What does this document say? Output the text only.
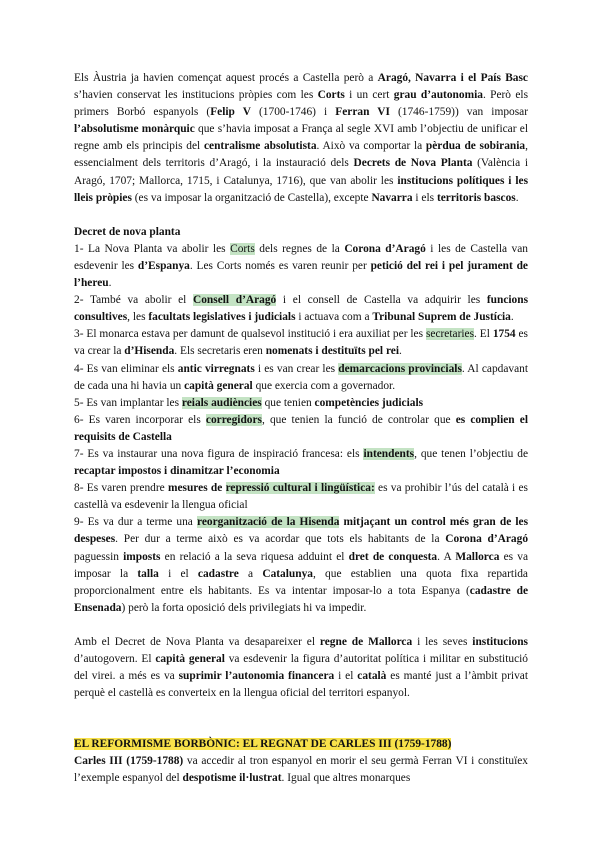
Els Àustria ja havien començat aquest procés a Castella però a Aragó, Navarra i el País Basc s’havien conservat les institucions pròpies com les Corts i un cert grau d’autonomia. Però els primers Borbó espanyols (Felip V (1700-1746) i Ferran VI (1746-1759)) van imposar l’absolutisme monàrquic que s’havia imposat a França al segle XVI amb l’objectiu de unificar el regne amb els principis del centralisme absolutista. Això va comportar la pèrdua de sobirania, essencialment dels territoris d’Aragó, i la instauració dels Decrets de Nova Planta (València i Aragó, 1707; Mallorca, 1715, i Catalunya, 1716), que van abolir les institucions polítiques i les lleis pròpies (es va imposar la organització de Castella), excepte Navarra i els territoris bascos.

Decret de nova planta

1- La Nova Planta va abolir les Corts dels regnes de la Corona d’Aragó i les de Castella van esdevenir les d’Espanya. Les Corts només es varen reunir per petició del rei i pel jurament de l’hereu.

2- També va abolir el Consell d’Aragó i el consell de Castella va adquirir les funcions consultives, les facultats legislatives i judicials i actuava com a Tribunal Suprem de Justícia.

3- El monarca estava per damunt de qualsevol institució i era auxiliat per les secretaries. El 1754 es va crear la d’Hisenda. Els secretaris eren nomenats i destituïts pel rei.

4- Es van eliminar els antic virregnats i es van crear les demarcacions provincials. Al capdavant de cada una hi havia un capità general que exercia com a governador.

5- Es van implantar les reials audiències que tenien competències judicials

6- Es varen incorporar els corregidors, que tenien la funció de controlar que es complien el requisits de Castella

7- Es va instaurar una nova figura de inspiració francesa: els intendents, que tenen l’objectiu de recaptar impostos i dinamitzar l’economia

8- Es varen prendre mesures de repressió cultural i lingüística: es va prohibir l’ús del català i es castellà va esdevenir la llengua oficial

9- Es va dur a terme una reorganització de la Hisenda mitjaçant un control més gran de les despeses. Per dur a terme això es va acordar que tots els habitants de la Corona d’Aragó paguessin imposts en relació a la seva riquesa adduint el dret de conquesta. A Mallorca es va imposar la talla i el cadastre a Catalunya, que establien una quota fixa repartida proporcionalment entre els habitants. Es va intentar imposar-lo a tota Espanya (cadastre de Ensenada) però la forta oposició dels privilegiats hi va impedir.

Amb el Decret de Nova Planta va desapareixer el regne de Mallorca i les seves institucions d’autogovern. El capità general va esdevenir la figura d’autoritat política i militar en substitució del virei. a més es va suprimir l’autonomia financera i el català es manté just a l’àmbit privat perquè el castellà es converteix en la llengua oficial del territori espanyol.

EL REFORMISME BORBÒNIC: EL REGNAT DE CARLES III (1759-1788)

Carles III (1759-1788) va accedir al tron espanyol en morir el seu germà Ferran VI i constituïex l’exemple espanyol del despotisme il·lustrat. Igual que altres monarques
